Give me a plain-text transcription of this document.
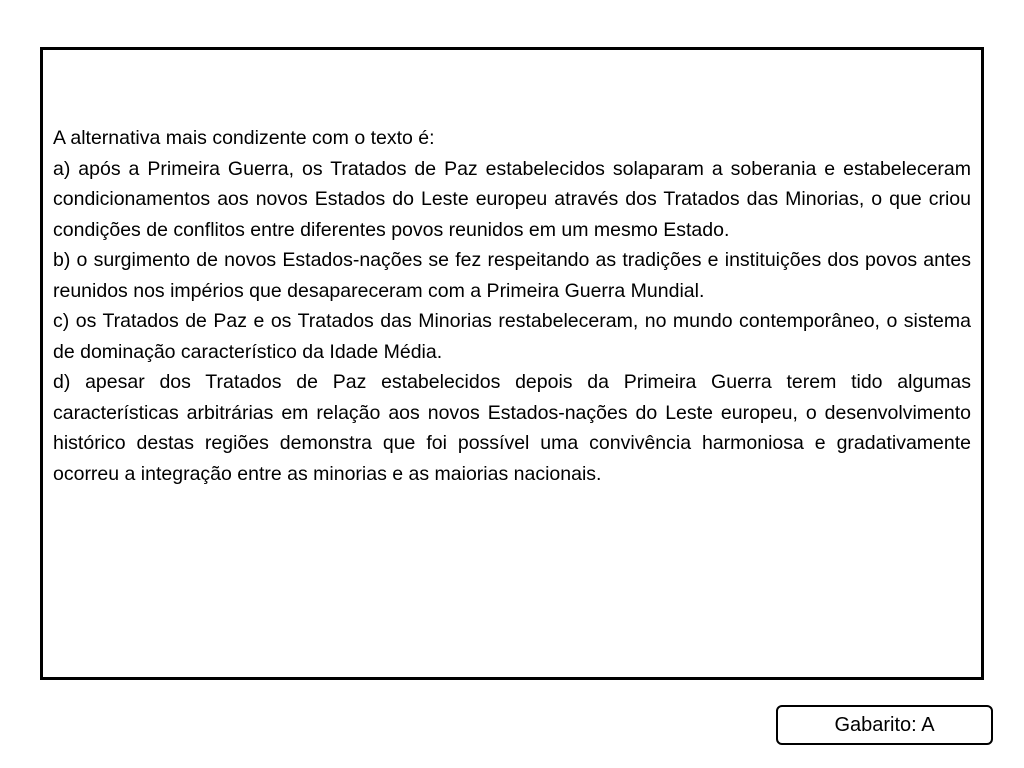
A alternativa mais condizente com o texto é:

a) após a Primeira Guerra, os Tratados de Paz estabelecidos solaparam a soberania e estabeleceram condicionamentos aos novos Estados do Leste europeu através dos Tratados das Minorias, o que criou condições de conflitos entre diferentes povos reunidos em um mesmo Estado.

b) o surgimento de novos Estados-nações se fez respeitando as tradições e instituições dos povos antes reunidos nos impérios que desapareceram com a Primeira Guerra Mundial.

c) os Tratados de Paz e os Tratados das Minorias restabeleceram, no mundo contemporâneo, o sistema de dominação característico da Idade Média.

d) apesar dos Tratados de Paz estabelecidos depois da Primeira Guerra terem tido algumas características arbitrárias em relação aos novos Estados-nações do Leste europeu, o desenvolvimento histórico destas regiões demonstra que foi possível uma convivência harmoniosa e gradativamente ocorreu a integração entre as minorias e as maiorias nacionais.

Gabarito: A
